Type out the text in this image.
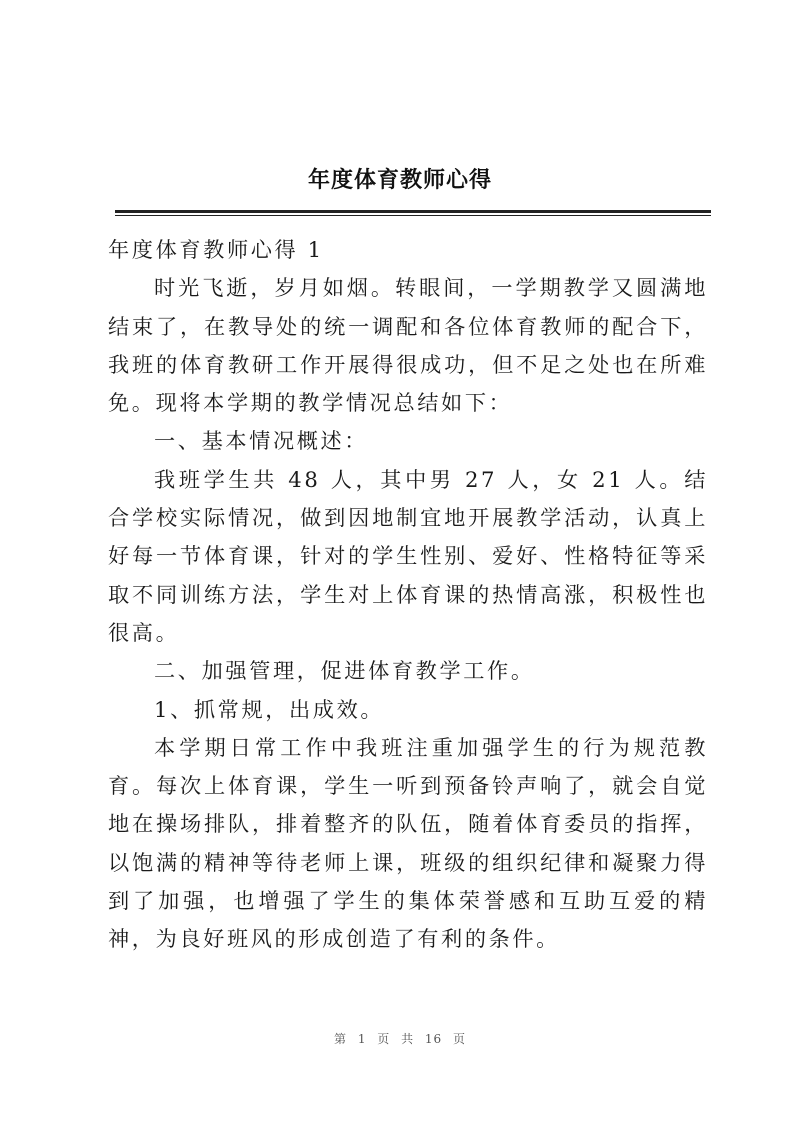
年度体育教师心得

年度体育教师心得 1

时光飞逝，岁月如烟。转眼间，一学期教学又圆满地结束了，在教导处的统一调配和各位体育教师的配合下，我班的体育教研工作开展得很成功，但不足之处也在所难免。现将本学期的教学情况总结如下：

一、基本情况概述：

我班学生共 48 人，其中男 27 人，女 21 人。结合学校实际情况，做到因地制宜地开展教学活动，认真上好每一节体育课，针对的学生性别、爱好、性格特征等采取不同训练方法，学生对上体育课的热情高涨，积极性也很高。

二、加强管理，促进体育教学工作。

1、抓常规，出成效。

本学期日常工作中我班注重加强学生的行为规范教育。每次上体育课，学生一听到预备铃声响了，就会自觉地在操场排队，排着整齐的队伍，随着体育委员的指挥，以饱满的精神等待老师上课，班级的组织纪律和凝聚力得到了加强，也增强了学生的集体荣誉感和互助互爱的精神，为良好班风的形成创造了有利的条件。

第 1 页 共 16 页
